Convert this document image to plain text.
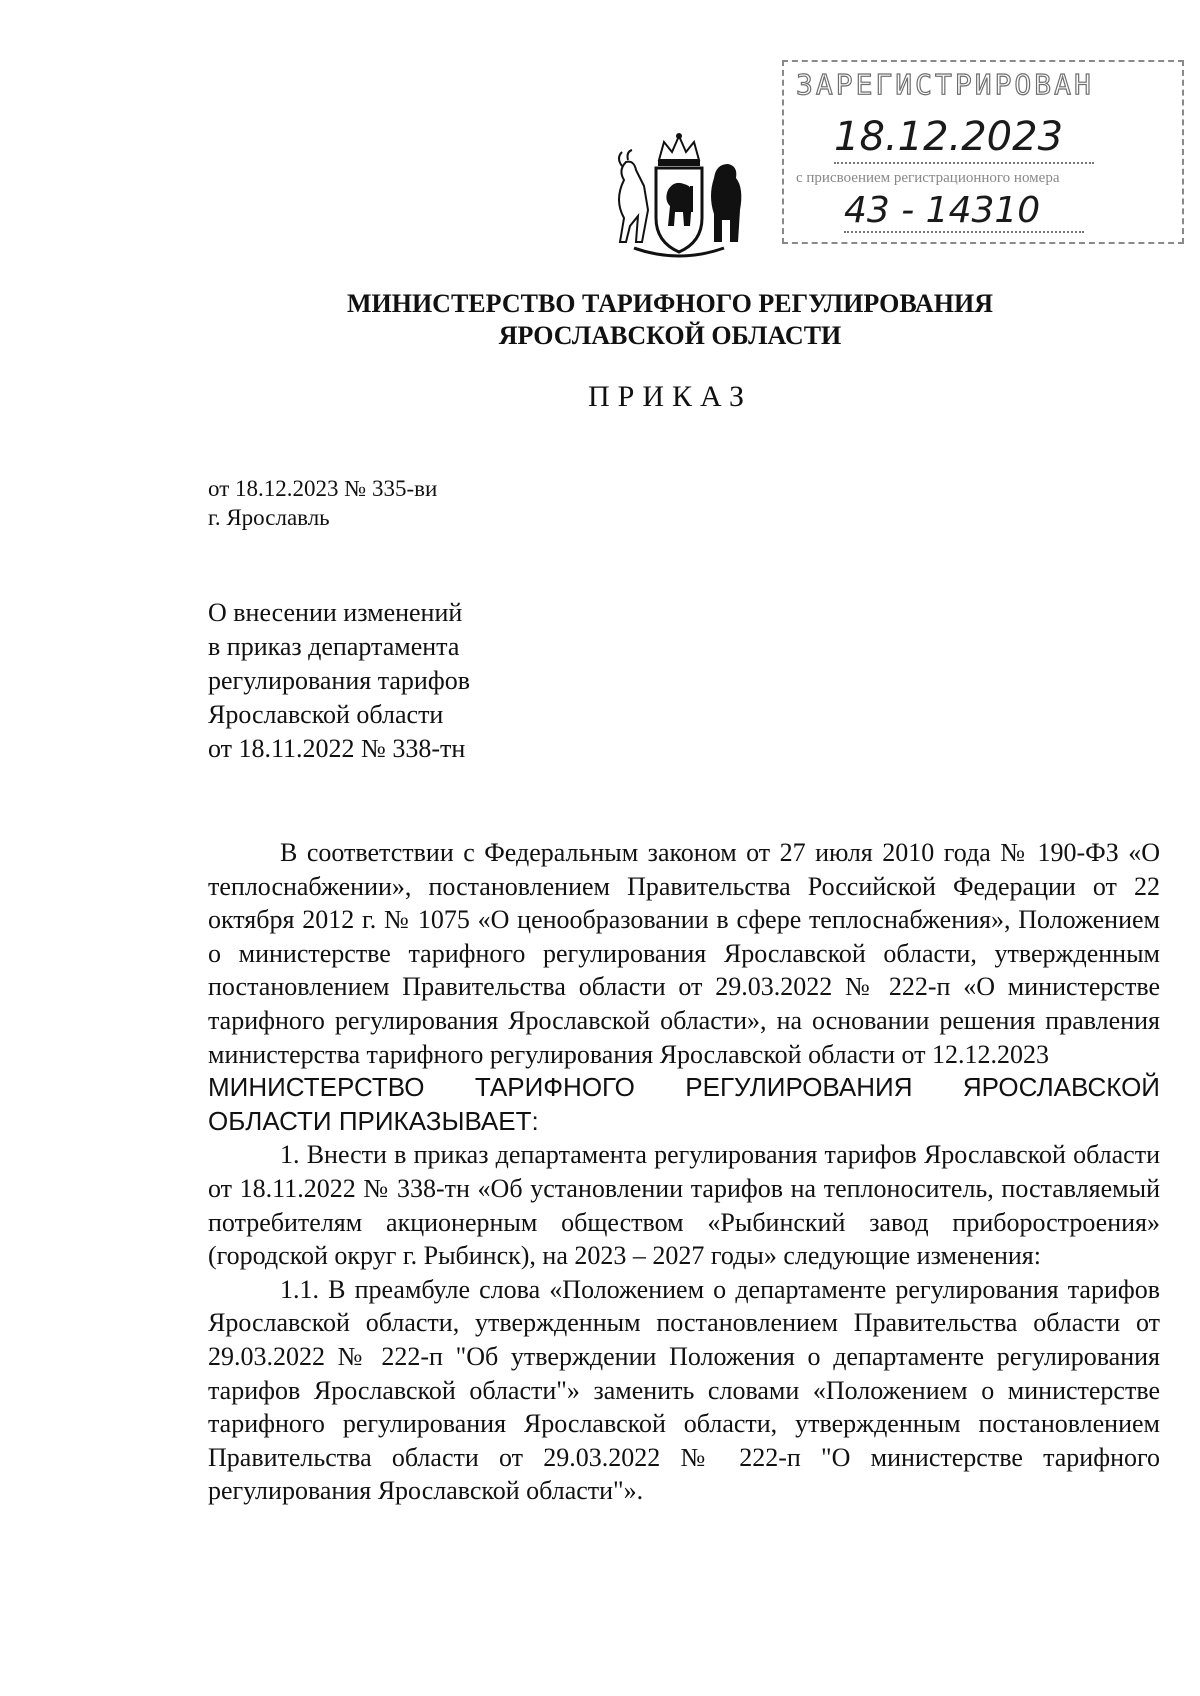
ЗАРЕГИСТРИРОВАН
18.12.2023
с присвоением регистрационного номера
43 - 14310
МИНИСТЕРСТВО ТАРИФНОГО РЕГУЛИРОВАНИЯ
ЯРОСЛАВСКОЙ ОБЛАСТИ
ПРИКАЗ
от 18.12.2023 № 335-ви
г. Ярославль
О внесении изменений
в приказ департамента
регулирования тарифов
Ярославской области
от 18.11.2022 № 338-тн

В соответствии с Федеральным законом от 27 июля 2010 года № 190-ФЗ «О теплоснабжении», постановлением Правительства Российской Федерации от 22 октября 2012 г. № 1075 «О ценообразовании в сфере теплоснабжения», Положением о министерстве тарифного регулирования Ярославской области, утвержденным постановлением Правительства области от 29.03.2022 № 222-п «О министерстве тарифного регулирования Ярославской области», на основании решения правления министерства тарифного регулирования Ярославской области от 12.12.2023

МИНИСТЕРСТВО ТАРИФНОГО РЕГУЛИРОВАНИЯ ЯРОСЛАВСКОЙ ОБЛАСТИ ПРИКАЗЫВАЕТ:

1. Внести в приказ департамента регулирования тарифов Ярославской области от 18.11.2022 № 338-тн «Об установлении тарифов на теплоноситель, поставляемый потребителям акционерным обществом «Рыбинский завод приборостроения» (городской округ г. Рыбинск), на 2023 – 2027 годы» следующие изменения:

1.1. В преамбуле слова «Положением о департаменте регулирования тарифов Ярославской области, утвержденным постановлением Правительства области от 29.03.2022 № 222-п "Об утверждении Положения о департаменте регулирования тарифов Ярославской области"» заменить словами «Положением о министерстве тарифного регулирования Ярославской области, утвержденным постановлением Правительства области от 29.03.2022 № 222-п "О министерстве тарифного регулирования Ярославской области"».
